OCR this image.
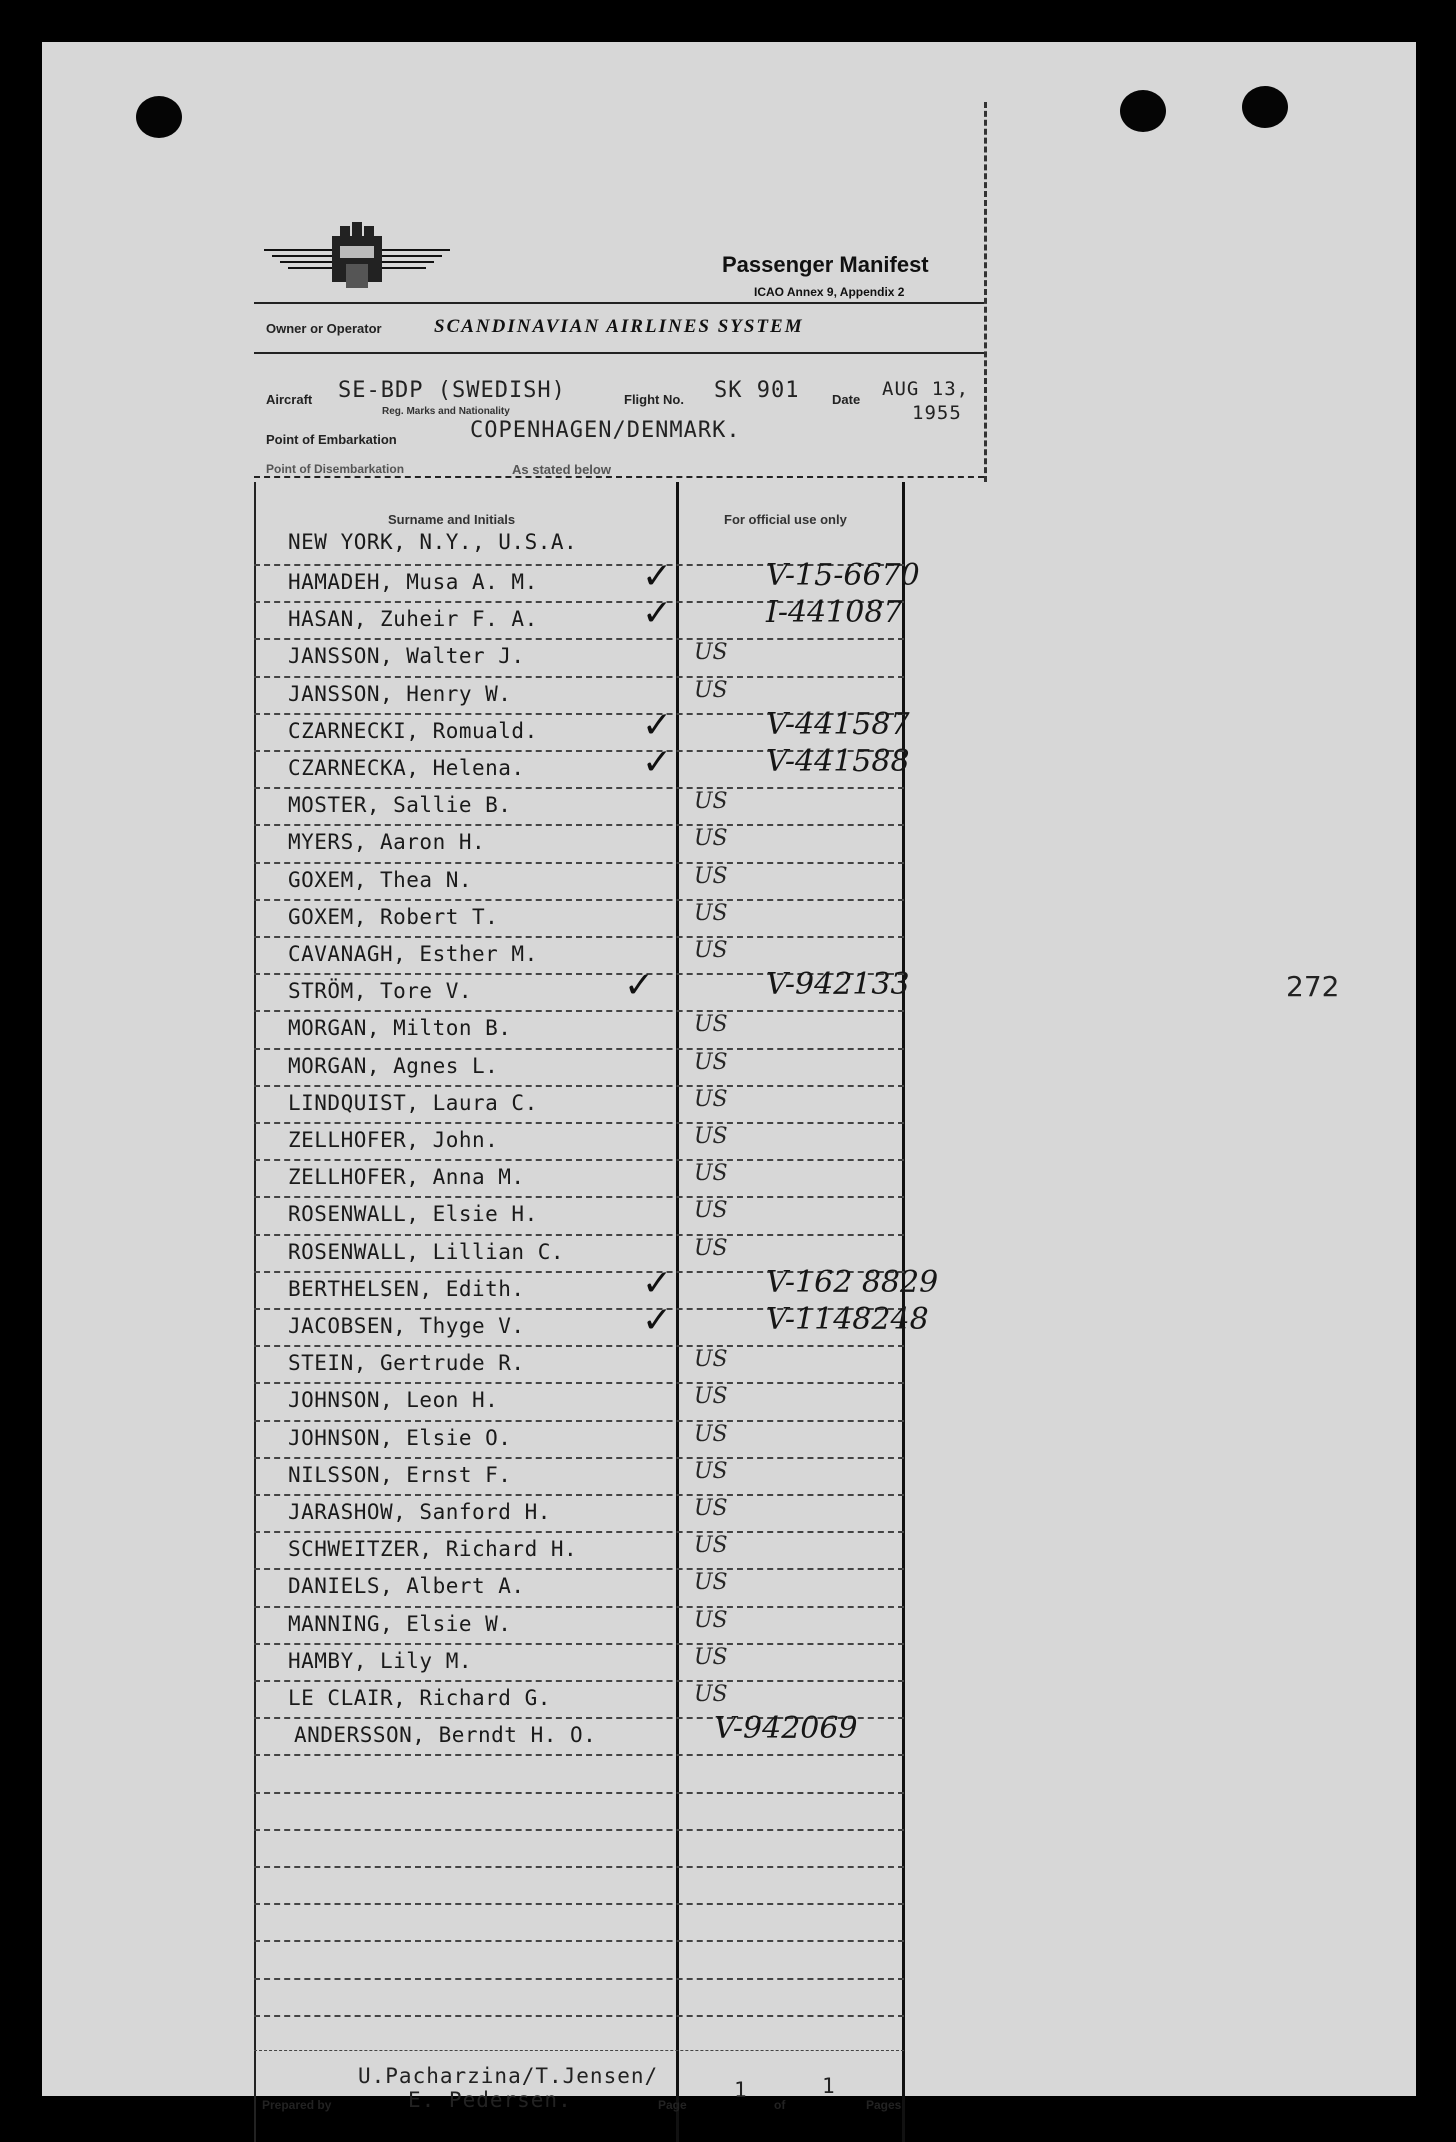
272
Passenger Manifest
ICAO Annex 9, Appendix 2
Owner or Operator	SCANDINAVIAN AIRLINES SYSTEM
Aircraft SE-BDP (SWEDISH)
Reg. Marks and Nationality
Flight No. SK 901	Date AUG 13,
1955
Point of Embarkation	COPENHAGEN/DENMARK.
Point of Disembarkation	As stated below
Surname and Initials	For official use only
NEW YORK, N.Y., U.S.A.
HAMADEH, Musa A. M.	✓	V-15-6670
HASAN, Zuheir F. A.	✓	I-441087
JANSSON, Walter J.	US
JANSSON, Henry W.	US
CZARNECKI, Romuald.	✓	V-441587
CZARNECKA, Helena.	✓	V-441588
MOSTER, Sallie B.	US
MYERS, Aaron H.	US
GOXEM, Thea N.	US
GOXEM, Robert T.	US
CAVANAGH, Esther M.	US
STRÖM, Tore V.	✓	V-942133
MORGAN, Milton B.	US
MORGAN, Agnes L.	US
LINDQUIST, Laura C.	US
ZELLHOFER, John.	US
ZELLHOFER, Anna M.	US
ROSENWALL, Elsie H.	US
ROSENWALL, Lillian C.	US
BERTHELSEN, Edith.	✓	V-162 8829
JACOBSEN, Thyge V.	✓	V-1148248
STEIN, Gertrude R.	US
JOHNSON, Leon H.	US
JOHNSON, Elsie O.	US
NILSSON, Ernst F.	US
JARASHOW, Sanford H.	US
SCHWEITZER, Richard H.	US
DANIELS, Albert A.	US
MANNING, Elsie W.	US
HAMBY, Lily M.	US
LE CLAIR, Richard G.	US
ANDERSSON, Berndt H. O.	V-942069
U.Pacharzina/T.Jensen/
E. Pedersen.
Prepared by	Page
1
of
1
Pages
